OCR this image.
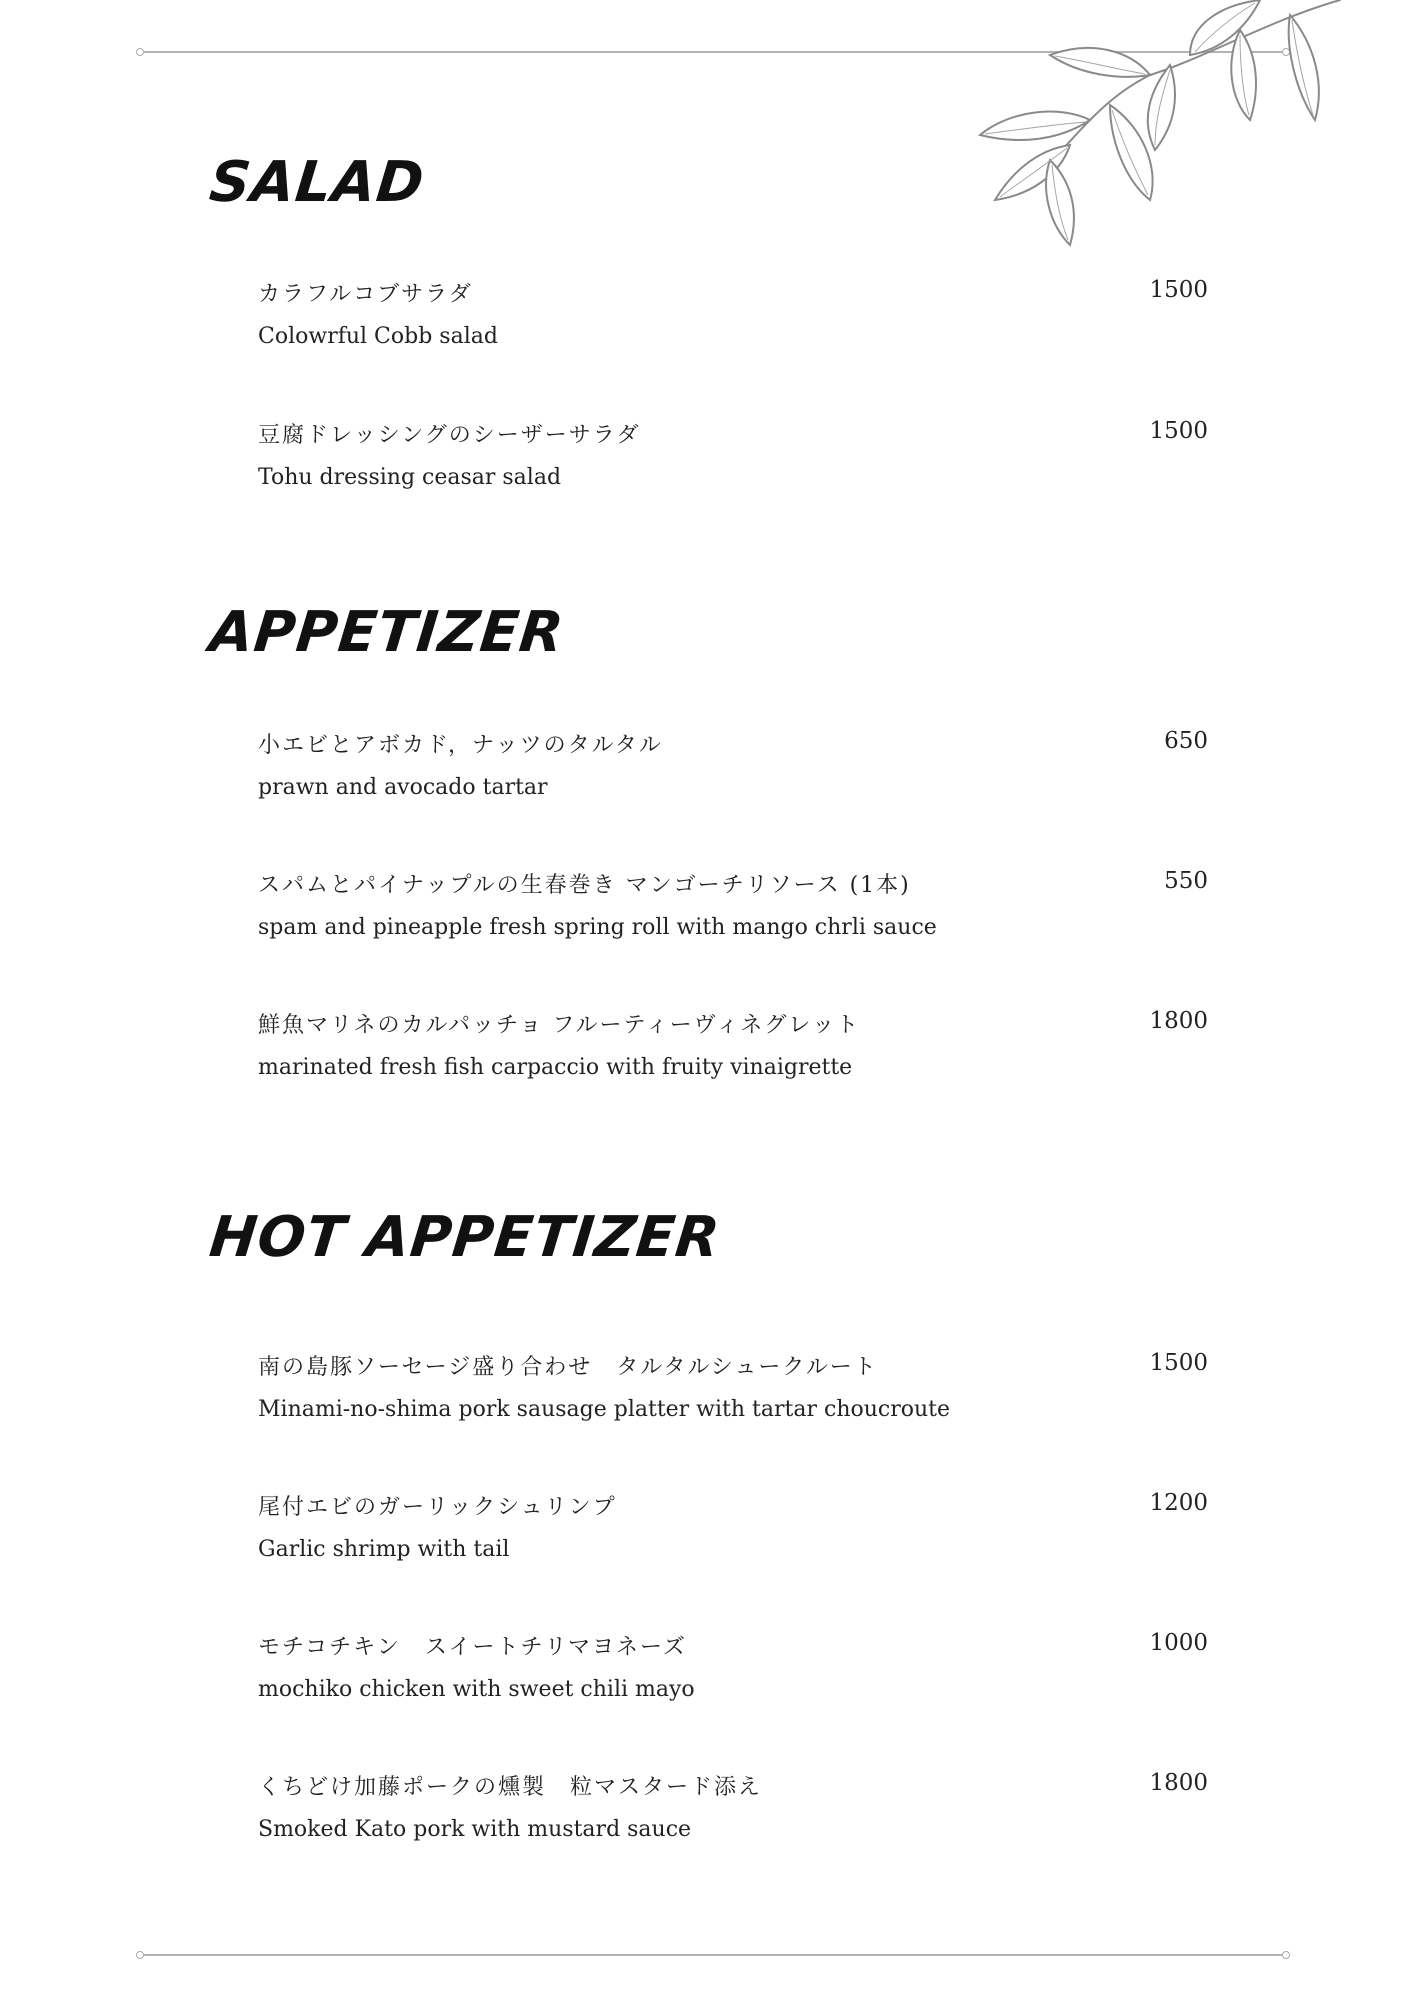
SALAD
カラフルコブサラダ
Colowrful Cobb salad
1500
豆腐ドレッシングのシーザーサラダ
Tohu dressing ceasar salad
1500
APPETIZER
小エビとアボカド，ナッツのタルタル
prawn and avocado tartar
650
スパムとパイナップルの生春巻き マンゴーチリソース (1本)
spam and pineapple fresh spring roll with mango chrli sauce
550
鮮魚マリネのカルパッチョ フルーティーヴィネグレット
marinated fresh fish carpaccio with fruity vinaigrette
1800
HOT APPETIZER
南の島豚ソーセージ盛り合わせ　タルタルシュークルート
Minami-no-shima pork sausage platter with tartar choucroute
1500
尾付エビのガーリックシュリンプ
Garlic shrimp with tail
1200
モチコチキン　スイートチリマヨネーズ
mochiko chicken with sweet chili mayo
1000
くちどけ加藤ポークの燻製　粒マスタード添え
Smoked Kato pork with mustard sauce
1800
